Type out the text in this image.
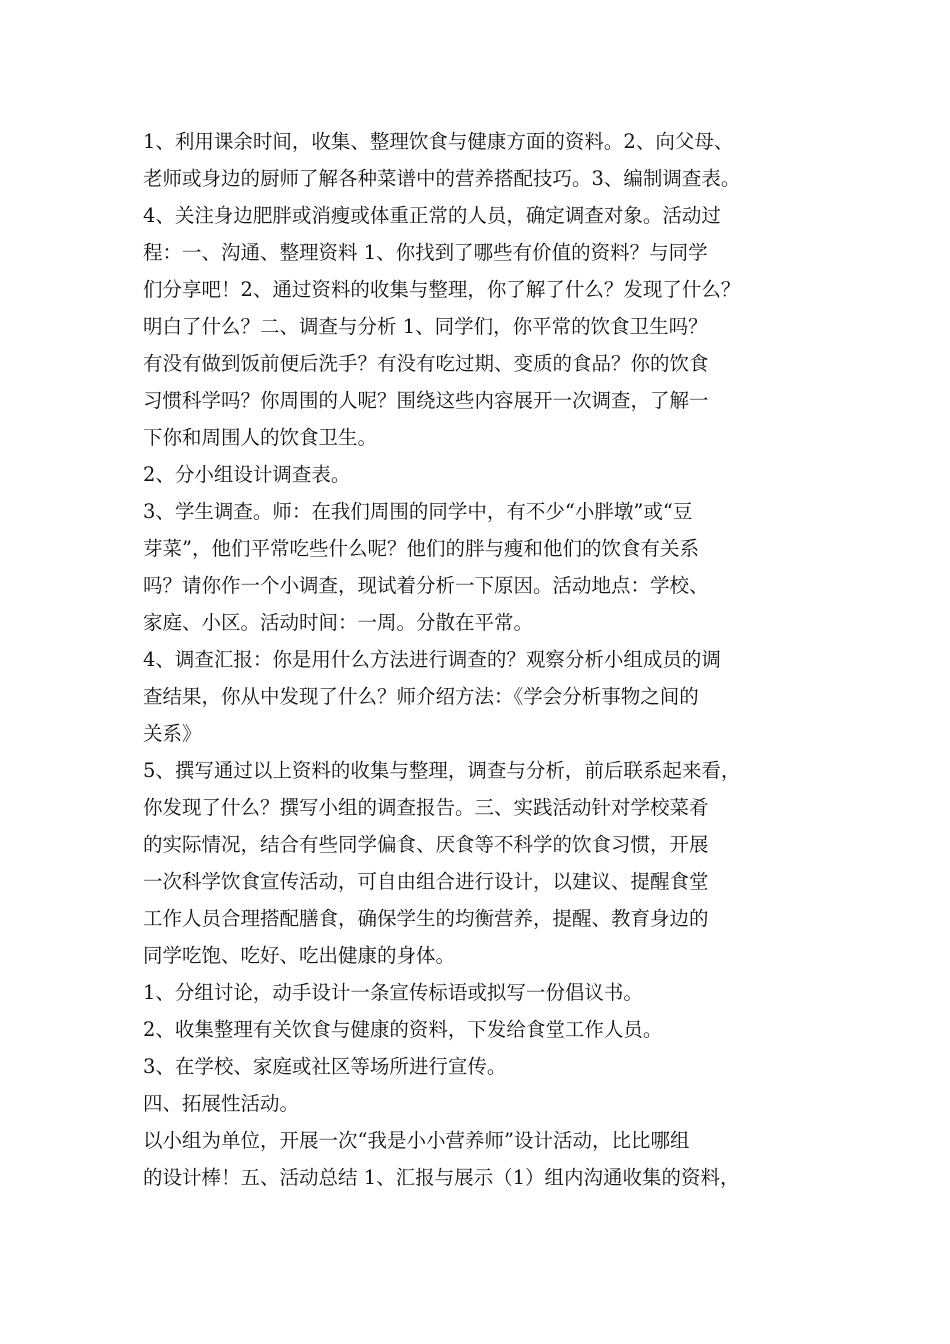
1、利用课余时间，收集、整理饮食与健康方面的资料。2、向父母、
老师或身边的厨师了解各种菜谱中的营养搭配技巧。3、编制调查表。
4、关注身边肥胖或消瘦或体重正常的人员，确定调查对象。活动过
程：一、沟通、整理资料 1、你找到了哪些有价值的资料？与同学
们分享吧！2、通过资料的收集与整理，你了解了什么？发现了什么？
明白了什么？二、调查与分析 1、同学们，你平常的饮食卫生吗？
有没有做到饭前便后洗手？有没有吃过期、变质的食品？你的饮食
习惯科学吗？你周围的人呢？围绕这些内容展开一次调查，了解一
下你和周围人的饮食卫生。
2、分小组设计调查表。
3、学生调查。师：在我们周围的同学中，有不少“小胖墩”或“豆
芽菜”，他们平常吃些什么呢？他们的胖与瘦和他们的饮食有关系
吗？请你作一个小调查，现试着分析一下原因。活动地点：学校、
家庭、小区。活动时间：一周。分散在平常。
4、调查汇报：你是用什么方法进行调查的？观察分析小组成员的调
查结果，你从中发现了什么？师介绍方法：《学会分析事物之间的
关系》
5、撰写通过以上资料的收集与整理，调查与分析，前后联系起来看，
你发现了什么？撰写小组的调查报告。三、实践活动针对学校菜肴
的实际情况，结合有些同学偏食、厌食等不科学的饮食习惯，开展
一次科学饮食宣传活动，可自由组合进行设计，以建议、提醒食堂
工作人员合理搭配膳食，确保学生的均衡营养，提醒、教育身边的
同学吃饱、吃好、吃出健康的身体。
1、分组讨论，动手设计一条宣传标语或拟写一份倡议书。
2、收集整理有关饮食与健康的资料，下发给食堂工作人员。
3、在学校、家庭或社区等场所进行宣传。
四、拓展性活动。
以小组为单位，开展一次“我是小小营养师”设计活动，比比哪组
的设计棒！五、活动总结 1、汇报与展示（1）组内沟通收集的资料，
